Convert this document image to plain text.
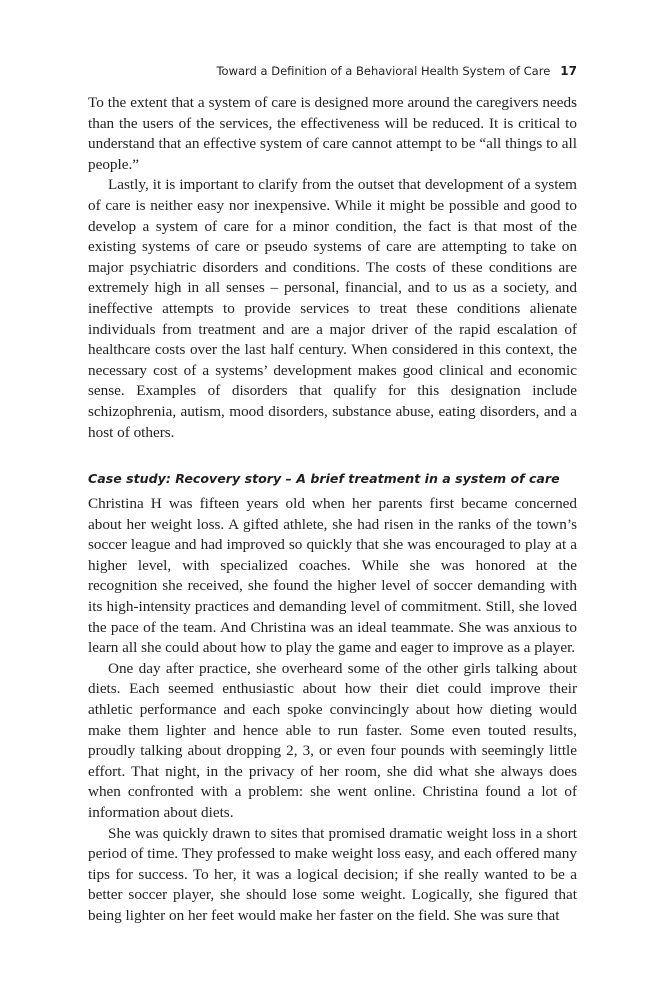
Toward a Definition of a Behavioral Health System of Care 17

To the extent that a system of care is designed more around the caregivers needs than the users of the services, the effectiveness will be reduced. It is critical to understand that an effective system of care cannot attempt to be “all things to all people.”

Lastly, it is important to clarify from the outset that development of a system of care is neither easy nor inexpensive. While it might be possible and good to develop a system of care for a minor condition, the fact is that most of the existing systems of care or pseudo systems of care are attempting to take on major psychiatric disorders and conditions. The costs of these conditions are extremely high in all senses – personal, financial, and to us as a society, and ineffective attempts to provide services to treat these conditions alienate individuals from treatment and are a major driver of the rapid escalation of healthcare costs over the last half century. When considered in this context, the necessary cost of a systems’ development makes good clinical and economic sense. Examples of disorders that qualify for this designation include schizophrenia, autism, mood disorders, substance abuse, eating disorders, and a host of others.

Case study: Recovery story – A brief treatment in a system of care

Christina H was fifteen years old when her parents first became concerned about her weight loss. A gifted athlete, she had risen in the ranks of the town’s soccer league and had improved so quickly that she was encouraged to play at a higher level, with specialized coaches. While she was honored at the recognition she received, she found the higher level of soccer demanding with its high-intensity practices and demanding level of commitment. Still, she loved the pace of the team. And Christina was an ideal teammate. She was anxious to learn all she could about how to play the game and eager to improve as a player.

One day after practice, she overheard some of the other girls talking about diets. Each seemed enthusiastic about how their diet could improve their athletic performance and each spoke convincingly about how dieting would make them lighter and hence able to run faster. Some even touted results, proudly talking about dropping 2, 3, or even four pounds with seemingly little effort. That night, in the privacy of her room, she did what she always does when confronted with a problem: she went online. Christina found a lot of information about diets.

She was quickly drawn to sites that promised dramatic weight loss in a short period of time. They professed to make weight loss easy, and each offered many tips for success. To her, it was a logical decision; if she really wanted to be a better soccer player, she should lose some weight. Logically, she figured that being lighter on her feet would make her faster on the field. She was sure that
